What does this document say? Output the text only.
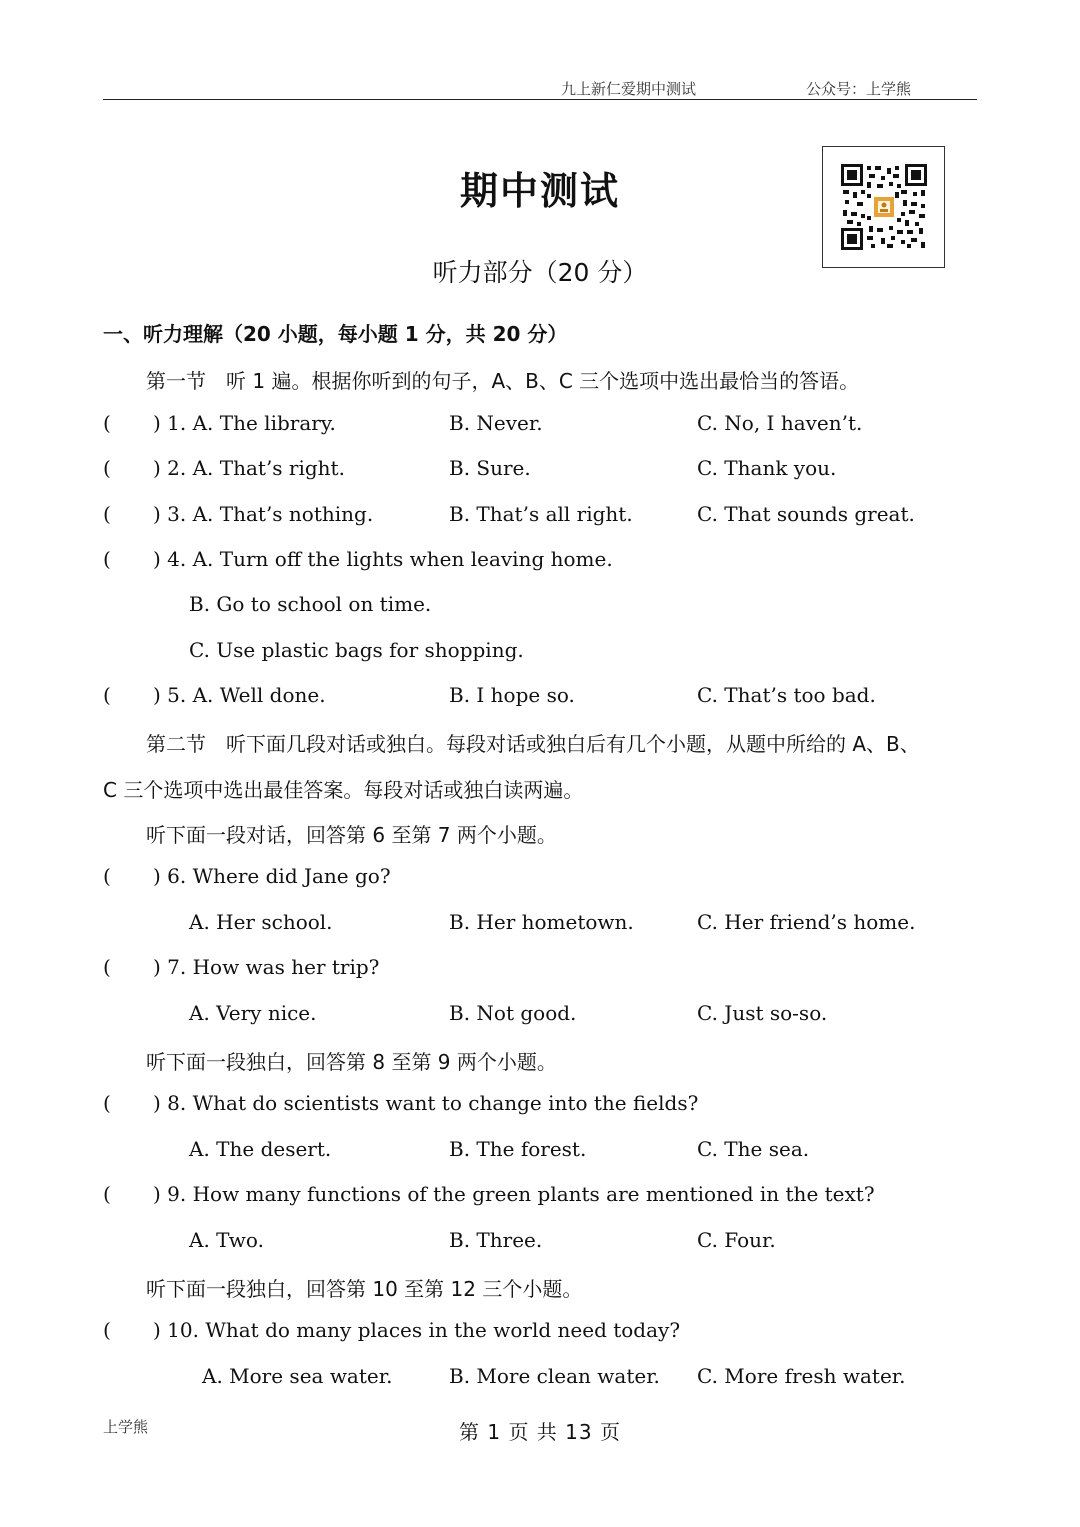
九上新仁爱期中测试	公众号：上学熊
期中测试
听力部分（20 分）
一、听力理解（20 小题，每小题 1 分，共 20 分）
第一节　听 1 遍。根据你听到的句子，A、B、C 三个选项中选出最恰当的答语。
( ) 1. A. The library.	B. Never.	C. No, I haven’t.
( ) 2. A. That’s right.	B. Sure.	C. Thank you.
( ) 3. A. That’s nothing.	B. That’s all right.	C. That sounds great.
( ) 4. A. Turn off the lights when leaving home.
B. Go to school on time.
C. Use plastic bags for shopping.
( ) 5. A. Well done.	B. I hope so.	C. That’s too bad.
第二节　听下面几段对话或独白。每段对话或独白后有几个小题，从题中所给的 A、B、
C 三个选项中选出最佳答案。每段对话或独白读两遍。
听下面一段对话，回答第 6 至第 7 两个小题。
( ) 6. Where did Jane go?
A. Her school.	B. Her hometown.	C. Her friend’s home.
( ) 7. How was her trip?
A. Very nice.	B. Not good.	C. Just so-so.
听下面一段独白，回答第 8 至第 9 两个小题。
( ) 8. What do scientists want to change into the fields?
A. The desert.	B. The forest.	C. The sea.
( ) 9. How many functions of the green plants are mentioned in the text?
A. Two.	B. Three.	C. Four.
听下面一段独白，回答第 10 至第 12 三个小题。
( ) 10. What do many places in the world need today?
A. More sea water.	B. More clean water. C. More fresh water.
上学熊	第 1 页 共 13 页
